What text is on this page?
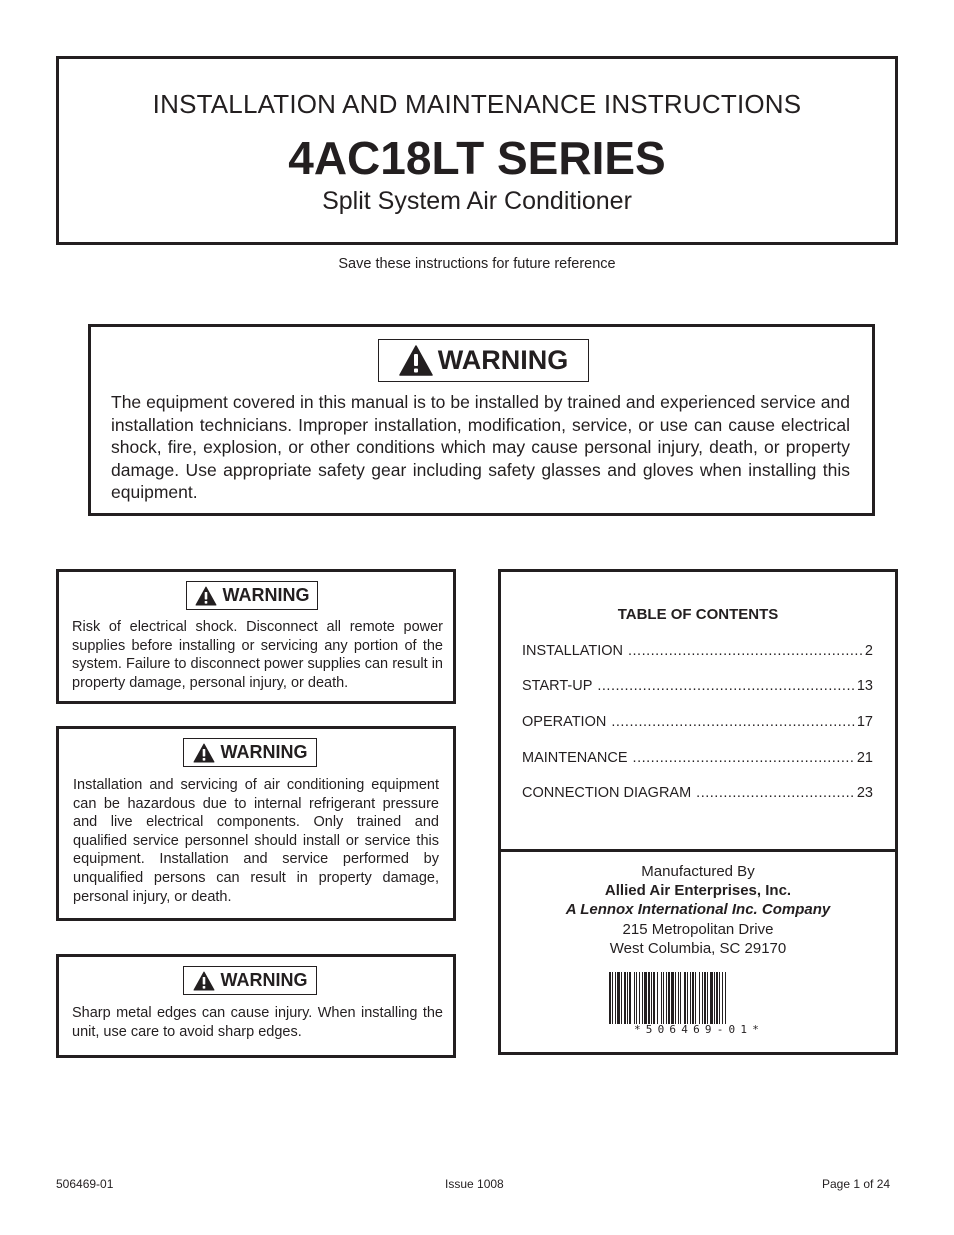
INSTALLATION AND MAINTENANCE INSTRUCTIONS
4AC18LT SERIES
Split System Air Conditioner
Save these instructions for future reference
WARNING
The equipment covered in this manual is to be installed by trained and experienced service and installation technicians. Improper installation, modification, service, or use can cause electrical shock, fire, explosion, or other conditions which may cause personal injury, death, or property damage. Use appropriate safety gear including safety glasses and gloves when installing this equipment.
WARNING
Risk of electrical shock. Disconnect all remote power supplies before installing or servicing any portion of the system. Failure to disconnect power supplies can result in property damage, personal injury, or death.
WARNING
Installation and servicing of air conditioning equipment can be hazardous due to internal refrigerant pressure and live electrical components. Only trained and qualified service personnel should install or service this equipment. Installation and service performed by unqualified persons can result in property damage, personal injury, or death.
WARNING
Sharp metal edges can cause injury. When installing the unit, use care to avoid sharp edges.
TABLE OF CONTENTS
INSTALLATION .....	2
START-UP .....	13
OPERATION .....	17
MAINTENANCE .....	21
CONNECTION DIAGRAM .....	23
Manufactured By
Allied Air Enterprises, Inc.
A Lennox International Inc. Company
215 Metropolitan Drive
West Columbia, SC 29170
*506469-01*
506469-01	Issue 1008	Page 1 of 24
